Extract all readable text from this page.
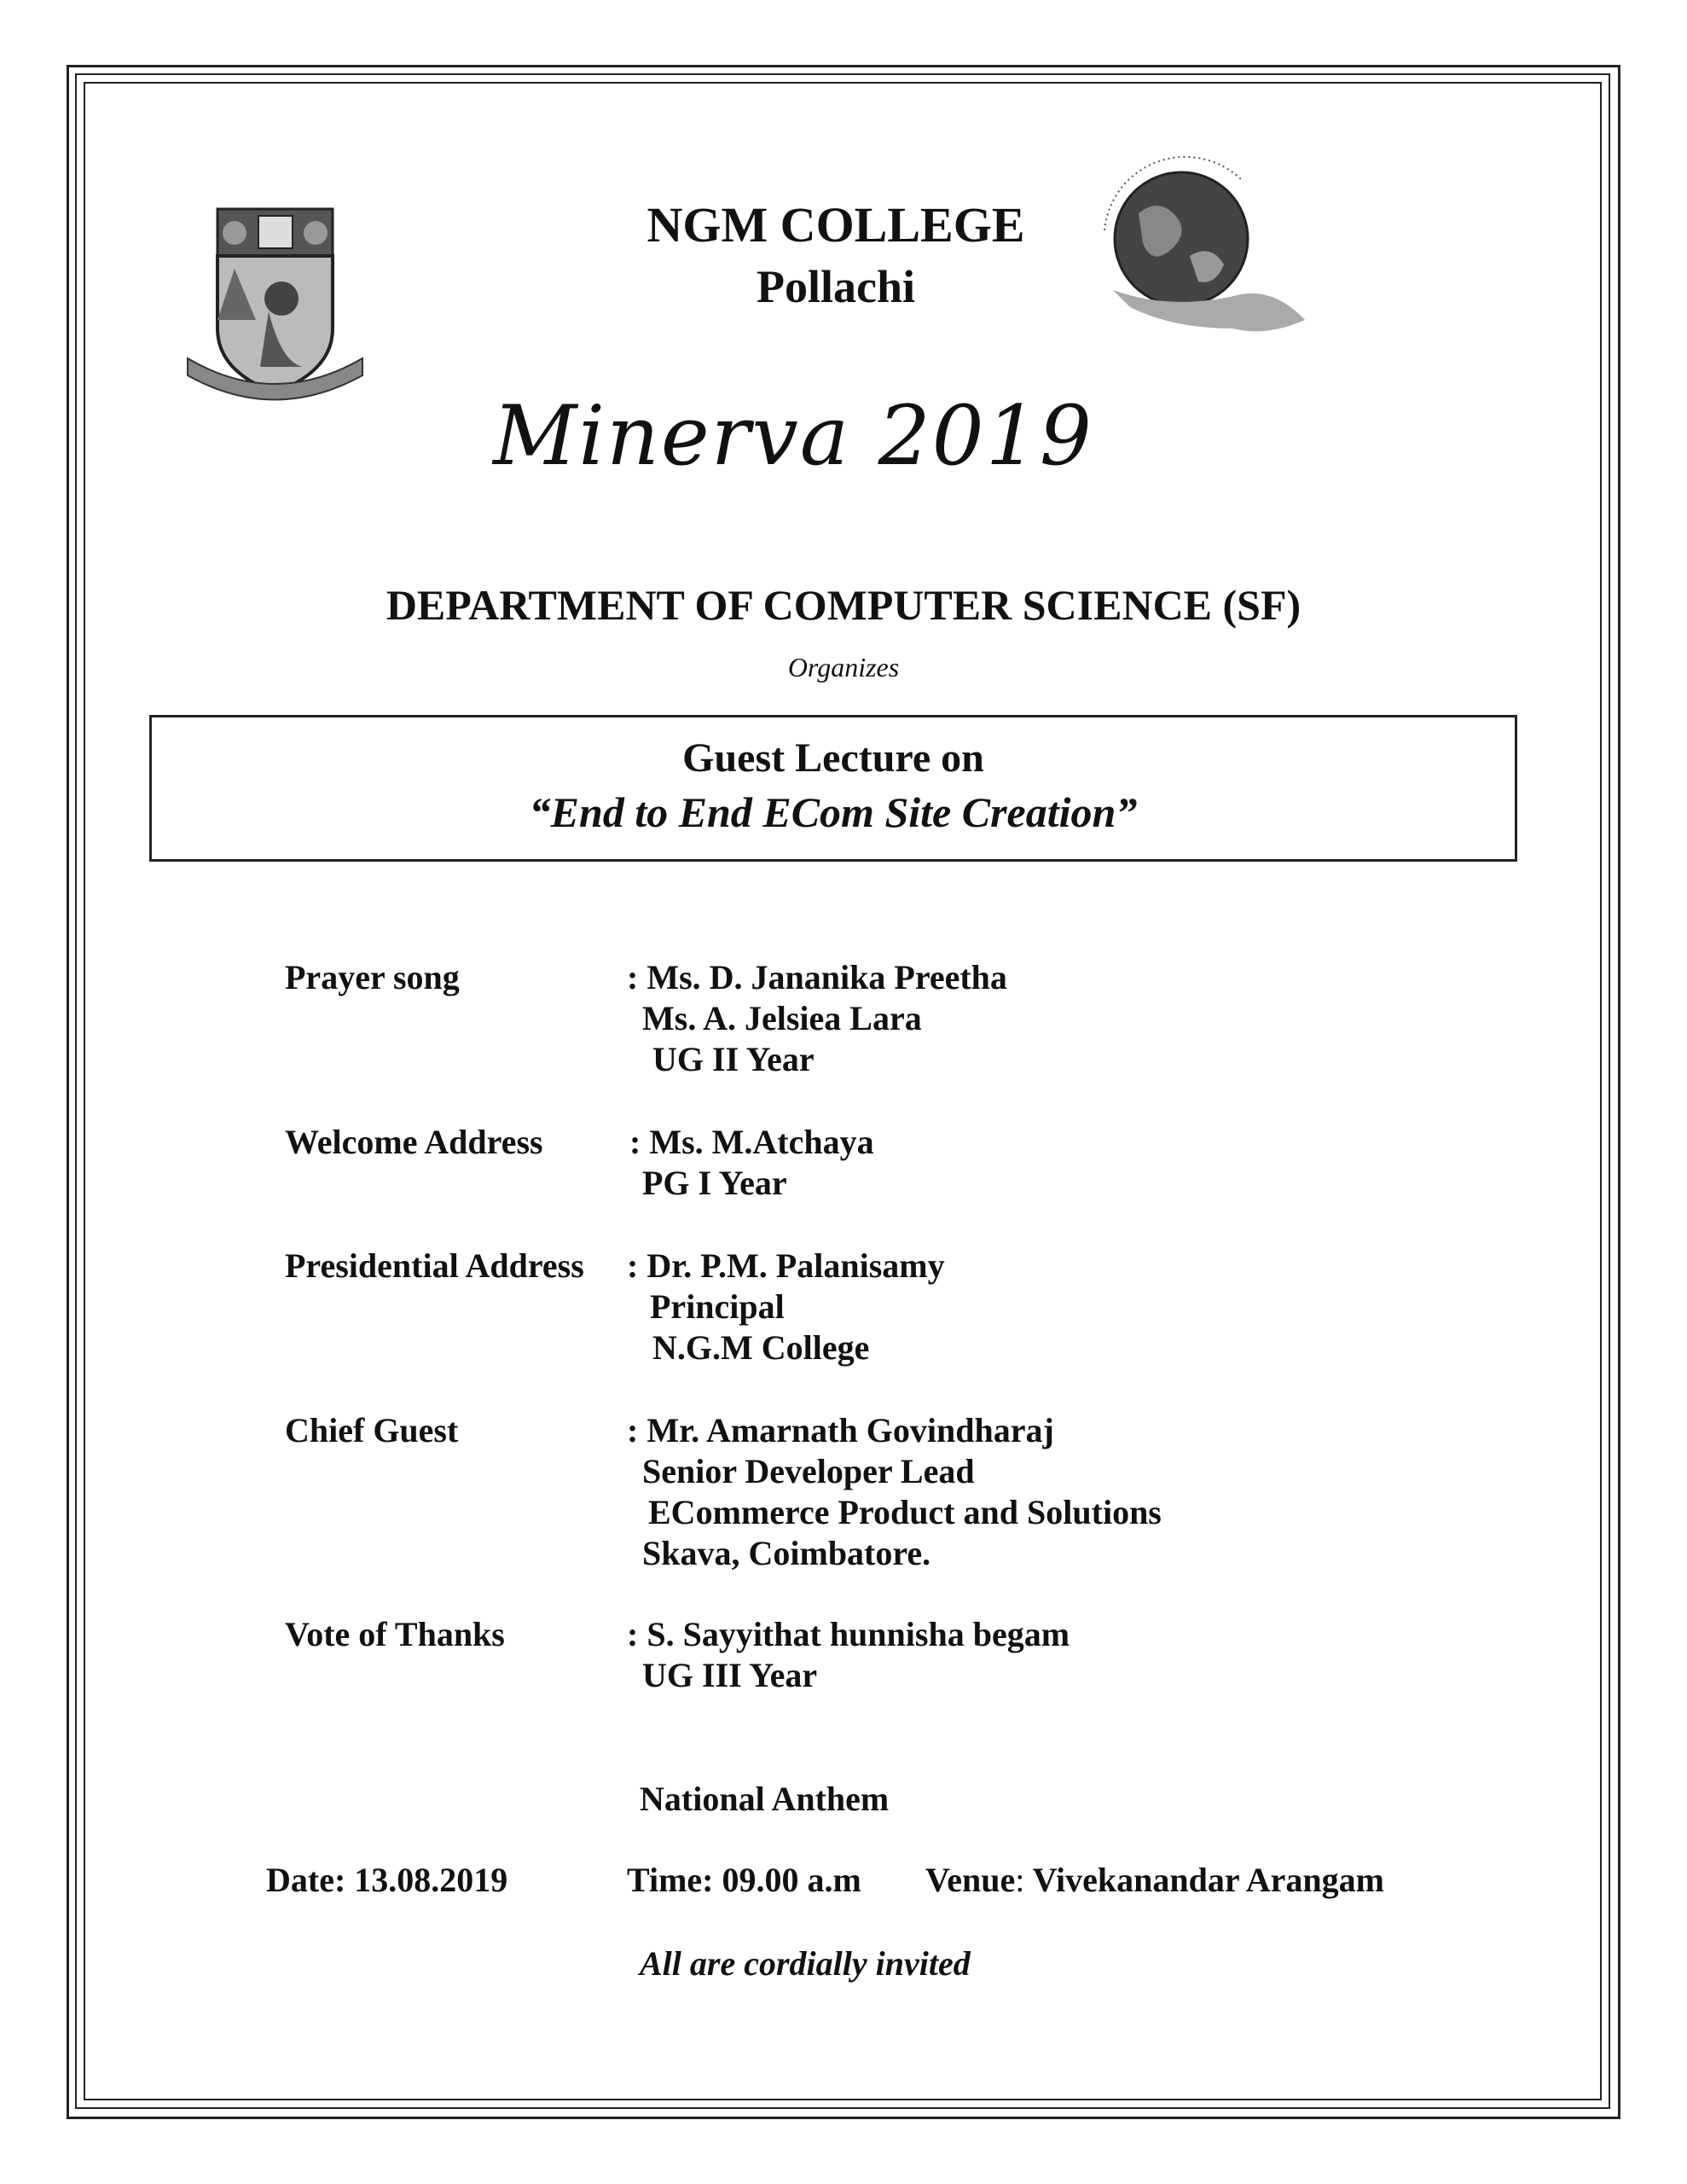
NGM COLLEGE
Pollachi
Minerva 2019
DEPARTMENT OF COMPUTER SCIENCE (SF)
Organizes
Guest Lecture on
“End to End ECom Site Creation”
Prayer song	: Ms. D. Jananika Preetha
Ms. A. Jelsiea Lara
UG II Year
Welcome Address	: Ms. M.Atchaya
PG I Year
Presidential Address : Dr. P.M. Palanisamy
Principal
N.G.M College
Chief Guest	: Mr. Amarnath Govindharaj
Senior Developer Lead
ECommerce Product and Solutions
Skava, Coimbatore.
Vote of Thanks	: S. Sayyithat hunnisha begam
UG III Year
National Anthem
Date: 13.08.2019	Time: 09.00 a.m Venue: Vivekanandar Arangam
All are cordially invited
